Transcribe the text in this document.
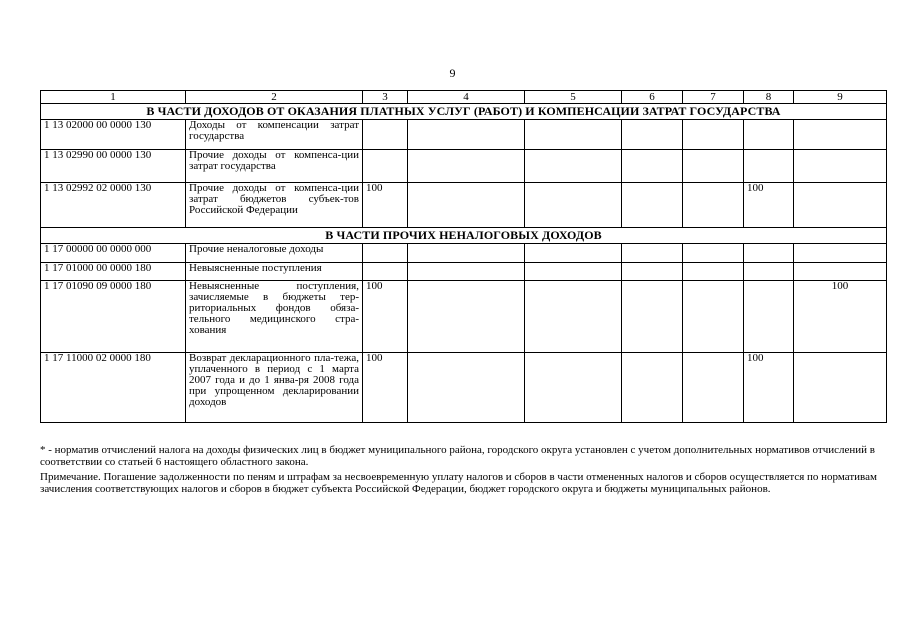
9
1	2	3	4	5	6	7	8	9
В ЧАСТИ ДОХОДОВ ОТ ОКАЗАНИЯ ПЛАТНЫХ УСЛУГ (РАБОТ) И КОМПЕНСАЦИИ ЗАТРАТ ГОСУДАРСТВА								
1 13 02000 00 0000 130	Доходы от компенсации затрат государства							
1 13 02990 00 0000 130	Прочие доходы от компенса-ции затрат государства							
1 13 02992 02 0000 130	Прочие доходы от компенса-ции затрат бюджетов субъек-тов Российской Федерации	100					100	
В ЧАСТИ ПРОЧИХ НЕНАЛОГОВЫХ ДОХОДОВ								
1 17 00000 00 0000 000	Прочие неналоговые доходы							
1 17 01000 00 0000 180	Невыясненные поступления							
1 17 01090 09 0000 180	Невыясненные поступления, зачисляемые в бюджеты тер-риториальных фондов обяза-тельного медицинского стра-хования	100						100
1 17 11000 02 0000 180	Возврат декларационного пла-тежа, уплаченного в период с 1 марта 2007 года и до 1 янва-ря 2008 года при упрощенном декларировании доходов	100					100	

* - норматив отчислений налога на доходы физических лиц в бюджет муниципального района, городского округа установлен с учетом дополнительных нормативов отчислений в соответствии со статьей 6 настоящего областного закона.

Примечание. Погашение задолженности по пеням и штрафам за несвоевременную уплату налогов и сборов в части отмененных налогов и сборов осуществляется по нормативам зачисления соответствующих налогов и сборов в бюджет субъекта Российской Федерации, бюджет городского округа и бюджеты муниципальных районов.
